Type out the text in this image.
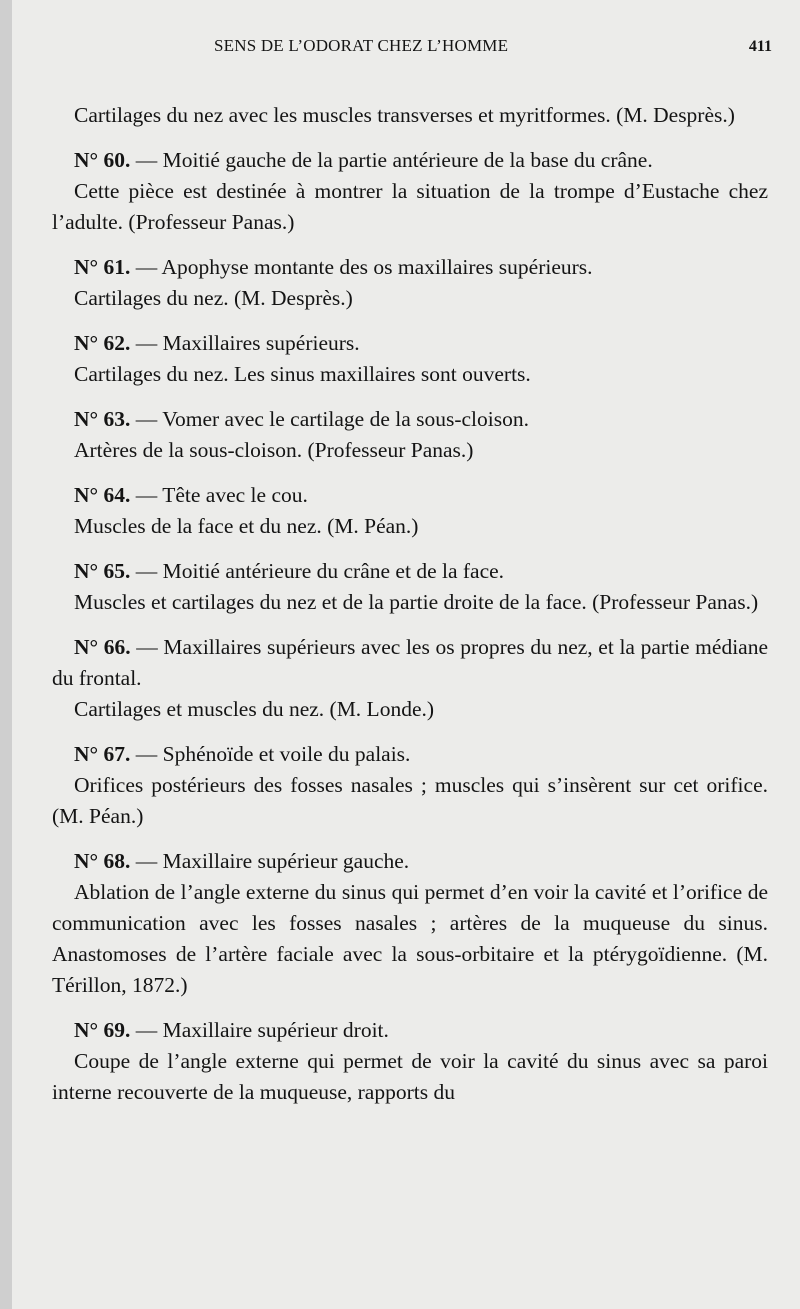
SENS DE L’ODORAT CHEZ L’HOMME	411

Cartilages du nez avec les muscles transverses et myritformes. (M. Desprès.)

N° 60. — Moitié gauche de la partie antérieure de la base du crâne.

Cette pièce est destinée à montrer la situation de la trompe d’Eustache chez l’adulte. (Professeur Panas.)

N° 61. — Apophyse montante des os maxillaires supérieurs.

Cartilages du nez. (M. Desprès.)

N° 62. — Maxillaires supérieurs.

Cartilages du nez. Les sinus maxillaires sont ouverts.

N° 63. — Vomer avec le cartilage de la sous-cloison.

Artères de la sous-cloison. (Professeur Panas.)

N° 64. — Tête avec le cou.

Muscles de la face et du nez. (M. Péan.)

N° 65. — Moitié antérieure du crâne et de la face.

Muscles et cartilages du nez et de la partie droite de la face. (Professeur Panas.)

N° 66. — Maxillaires supérieurs avec les os propres du nez, et la partie médiane du frontal.

Cartilages et muscles du nez. (M. Londe.)

N° 67. — Sphénoïde et voile du palais.

Orifices postérieurs des fosses nasales ; muscles qui s’insèrent sur cet orifice. (M. Péan.)

N° 68. — Maxillaire supérieur gauche.

Ablation de l’angle externe du sinus qui permet d’en voir la cavité et l’orifice de communication avec les fosses nasales ; artères de la muqueuse du sinus. Anastomoses de l’artère faciale avec la sous-orbitaire et la ptérygoïdienne. (M. Térillon, 1872.)

N° 69. — Maxillaire supérieur droit.

Coupe de l’angle externe qui permet de voir la cavité du sinus avec sa paroi interne recouverte de la muqueuse, rapports du
